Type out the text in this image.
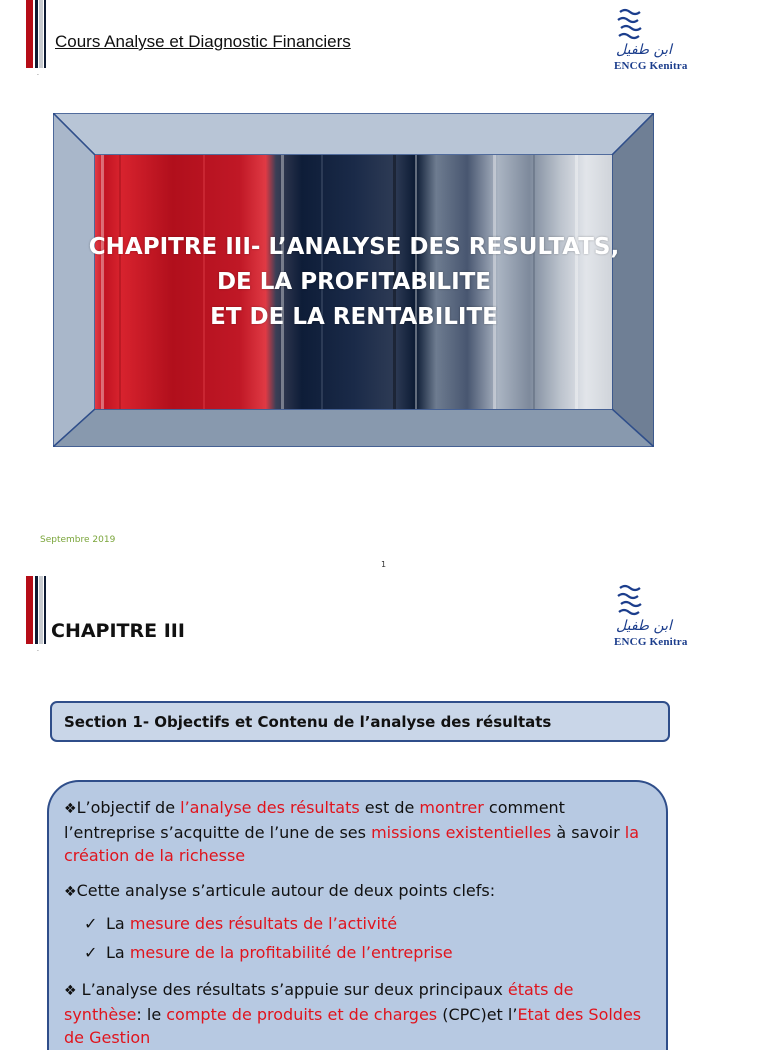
.
Cours Analyse et Diagnostic Financiers	ابن طفيل
ENCG Kenitra
CHAPITRE III- L’ANALYSE DES RESULTATS,
DE LA PROFITABILITE
ET DE LA RENTABILITE
Septembre 2019
1
.
CHAPITRE III	ابن طفيل
ENCG Kenitra
Section 1- Objectifs et Contenu de l’analyse des résultats
❖L’objectif de l’analyse des résultats est de montrer comment l’entreprise s’acquitte de l’une de ses missions existentielles à savoir la création de la richesse
❖Cette analyse s’articule autour de deux points clefs:
✓ La mesure des résultats de l’activité
✓ La mesure de la profitabilité de l’entreprise
❖ L’analyse des résultats s’appuie sur deux principaux états de synthèse: le compte de produits et de charges (CPC)et l’Etat des Soldes de Gestion
